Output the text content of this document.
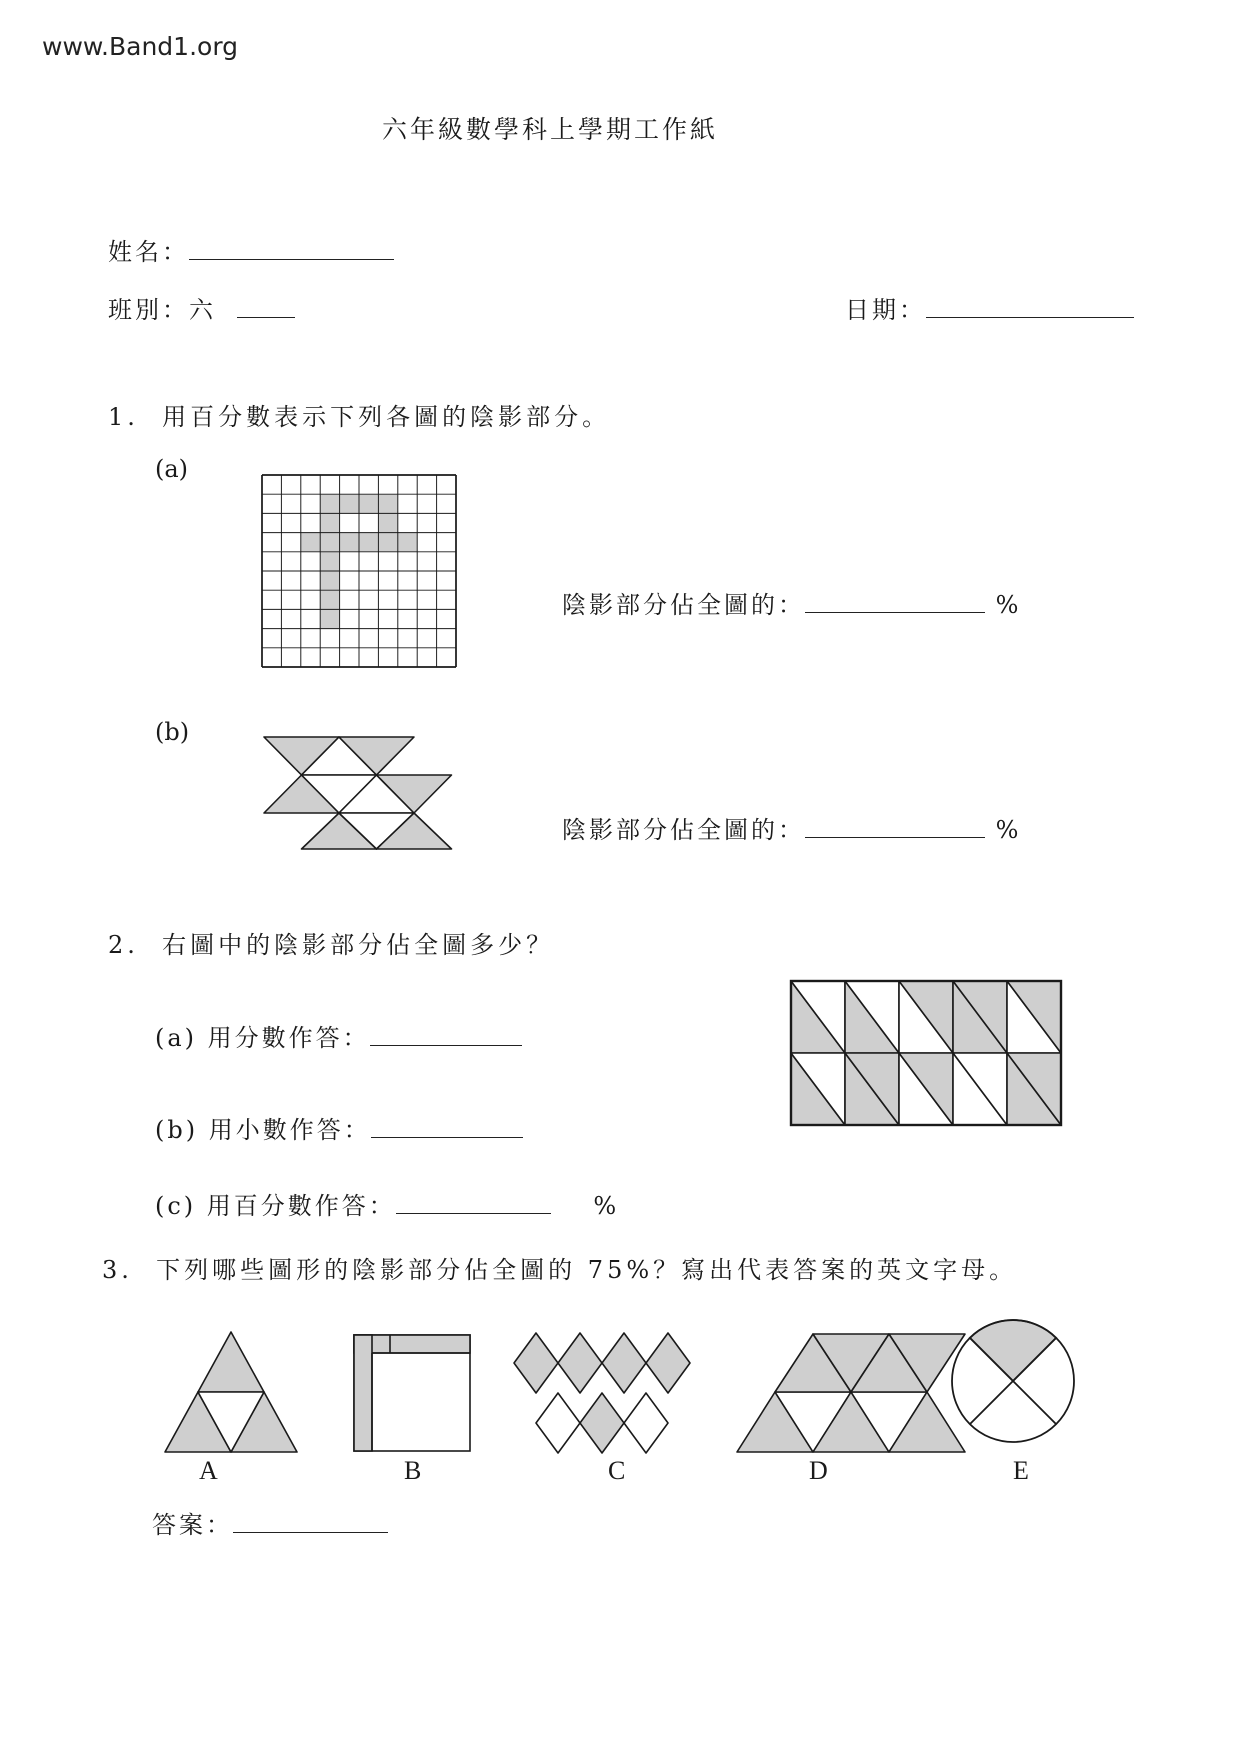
www.Band1.org
六年級數學科上學期工作紙
姓名：
班別：六	日期：
1. 用百分數表示下列各圖的陰影部分。
(a)
陰影部分佔全圖的：	%
(b)
陰影部分佔全圖的：	%
2. 右圖中的陰影部分佔全圖多少？
(a) 用分數作答：
(b) 用小數作答：
(c) 用百分數作答：	%
3. 下列哪些圖形的陰影部分佔全圖的 75%？寫出代表答案的英文字母。
A	B	C	D	E
答案：
